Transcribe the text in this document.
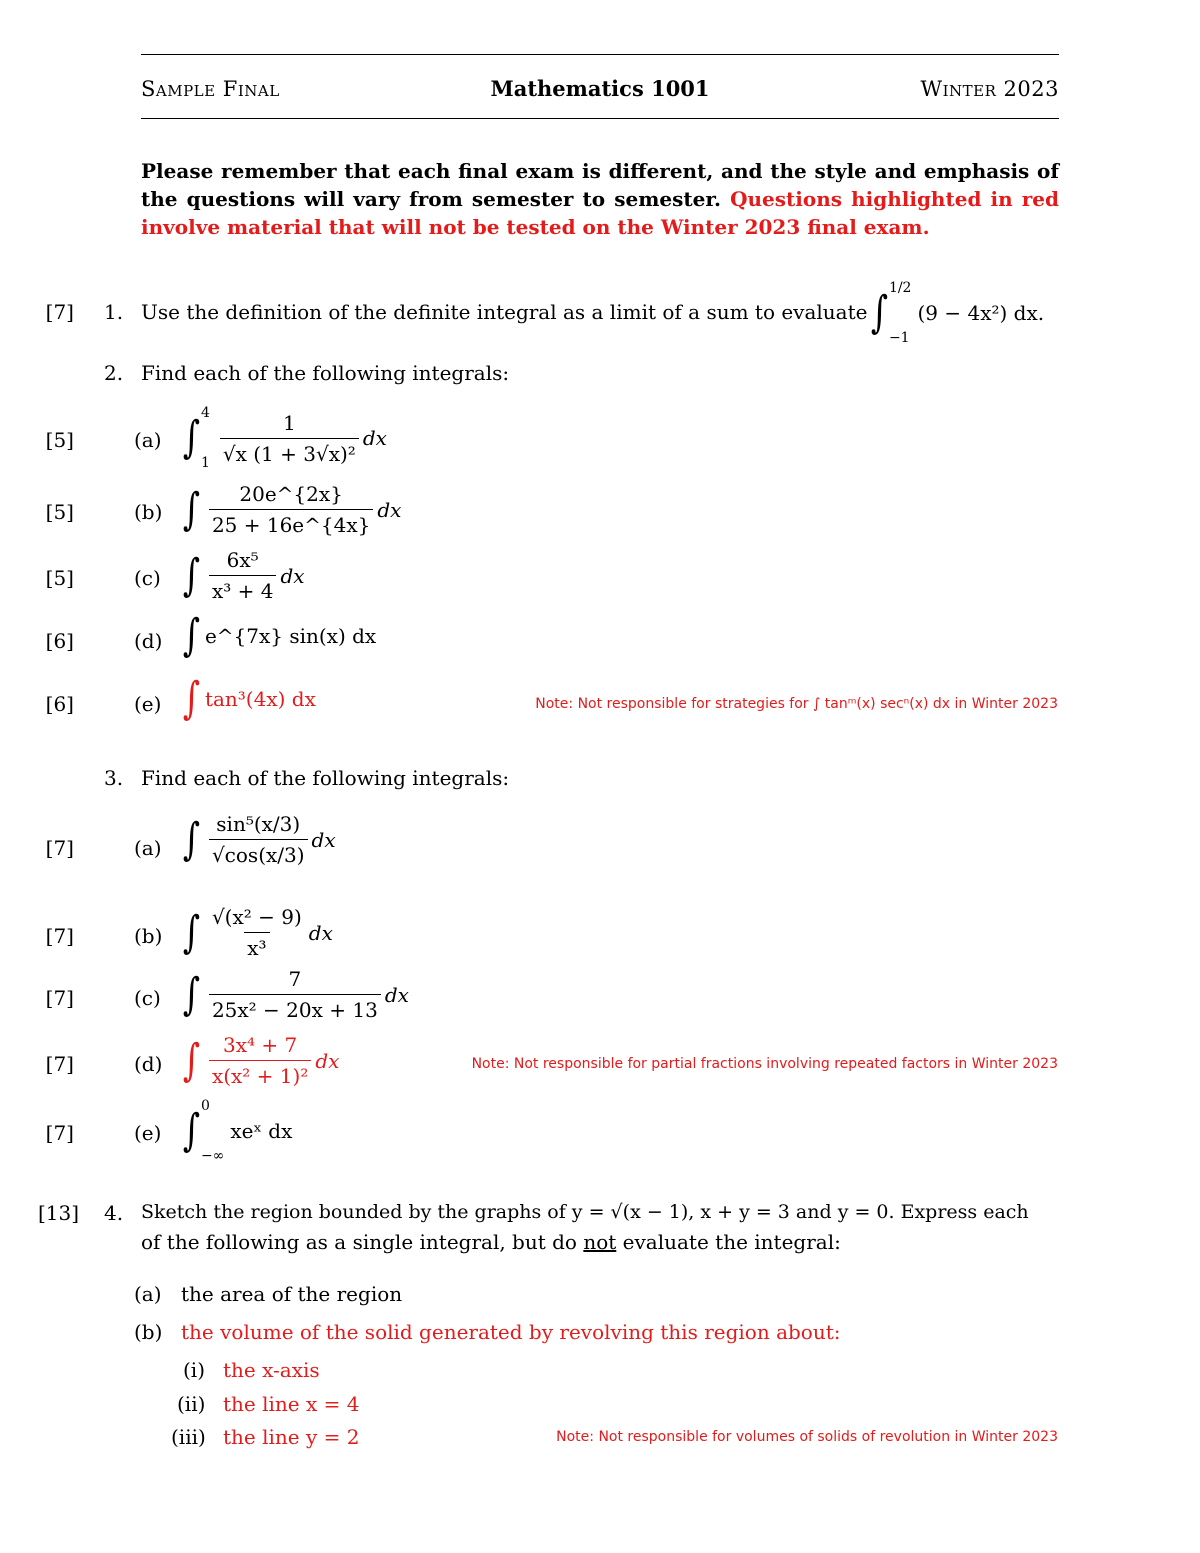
Sample Final	Mathematics 1001	Winter 2023
Please remember that each final exam is different, and the style and emphasis of the questions will vary from semester to semester. Questions highlighted in red involve material that will not be tested on the Winter 2023 final exam.
[7] 1. Use the definition of the definite integral as a limit of a sum to evaluate ∫ 1/2
−1
(9 − 4x²) dx.
2. Find each of the following integrals:
[5]	(a) ∫ 4
$1 \frac{1}{\text{√x (1 + 3√x)²}}$ dx
[5]	(b) ∫ $\frac{20e\^{}\{2x\}}{25 + 16e\^{}\{4x\}}$ dx
[5]	(c) ∫ $\frac{\text{6x⁵}}{\text{x³ + 4}}$ dx
[6]	(d) ∫ e^{7x} sin(x) dx
[6]	(e) ∫ tan³(4x) dx	Note: Not responsible for strategies for ∫ tanᵐ(x) secⁿ(x) dx in Winter 2023
3. Find each of the following integrals:
[7]	(a) ∫ $\frac{\text{sin⁵(x/3)}}{√\cos(x/3)}$ dx
[7]	(b) ∫ $\frac{\text{√(x² − 9)}}{\text{x³}}$ dx
[7]	(c) ∫ $\frac{7}{\text{25x² − 20x + 13}}$ dx
[7]	(d) ∫ $\frac{\text{3x⁴ + 7}}{\text{x(x² + 1)²}}$ dx	Note: Not responsible for partial fractions involving repeated factors in Winter 2023
[7]	(e) ∫ 0
−∞
xeˣ dx
[13] 4. Sketch the region bounded by the graphs of y = √(x − 1), x + y = 3 and y = 0. Express each
of the following as a single integral, but do not evaluate the integral:
(a) the area of the region
(b) the volume of the solid generated by revolving this region about:
(i) the x-axis
(ii) the line x = 4
(iii) the line y = 2	Note: Not responsible for volumes of solids of revolution in Winter 2023
